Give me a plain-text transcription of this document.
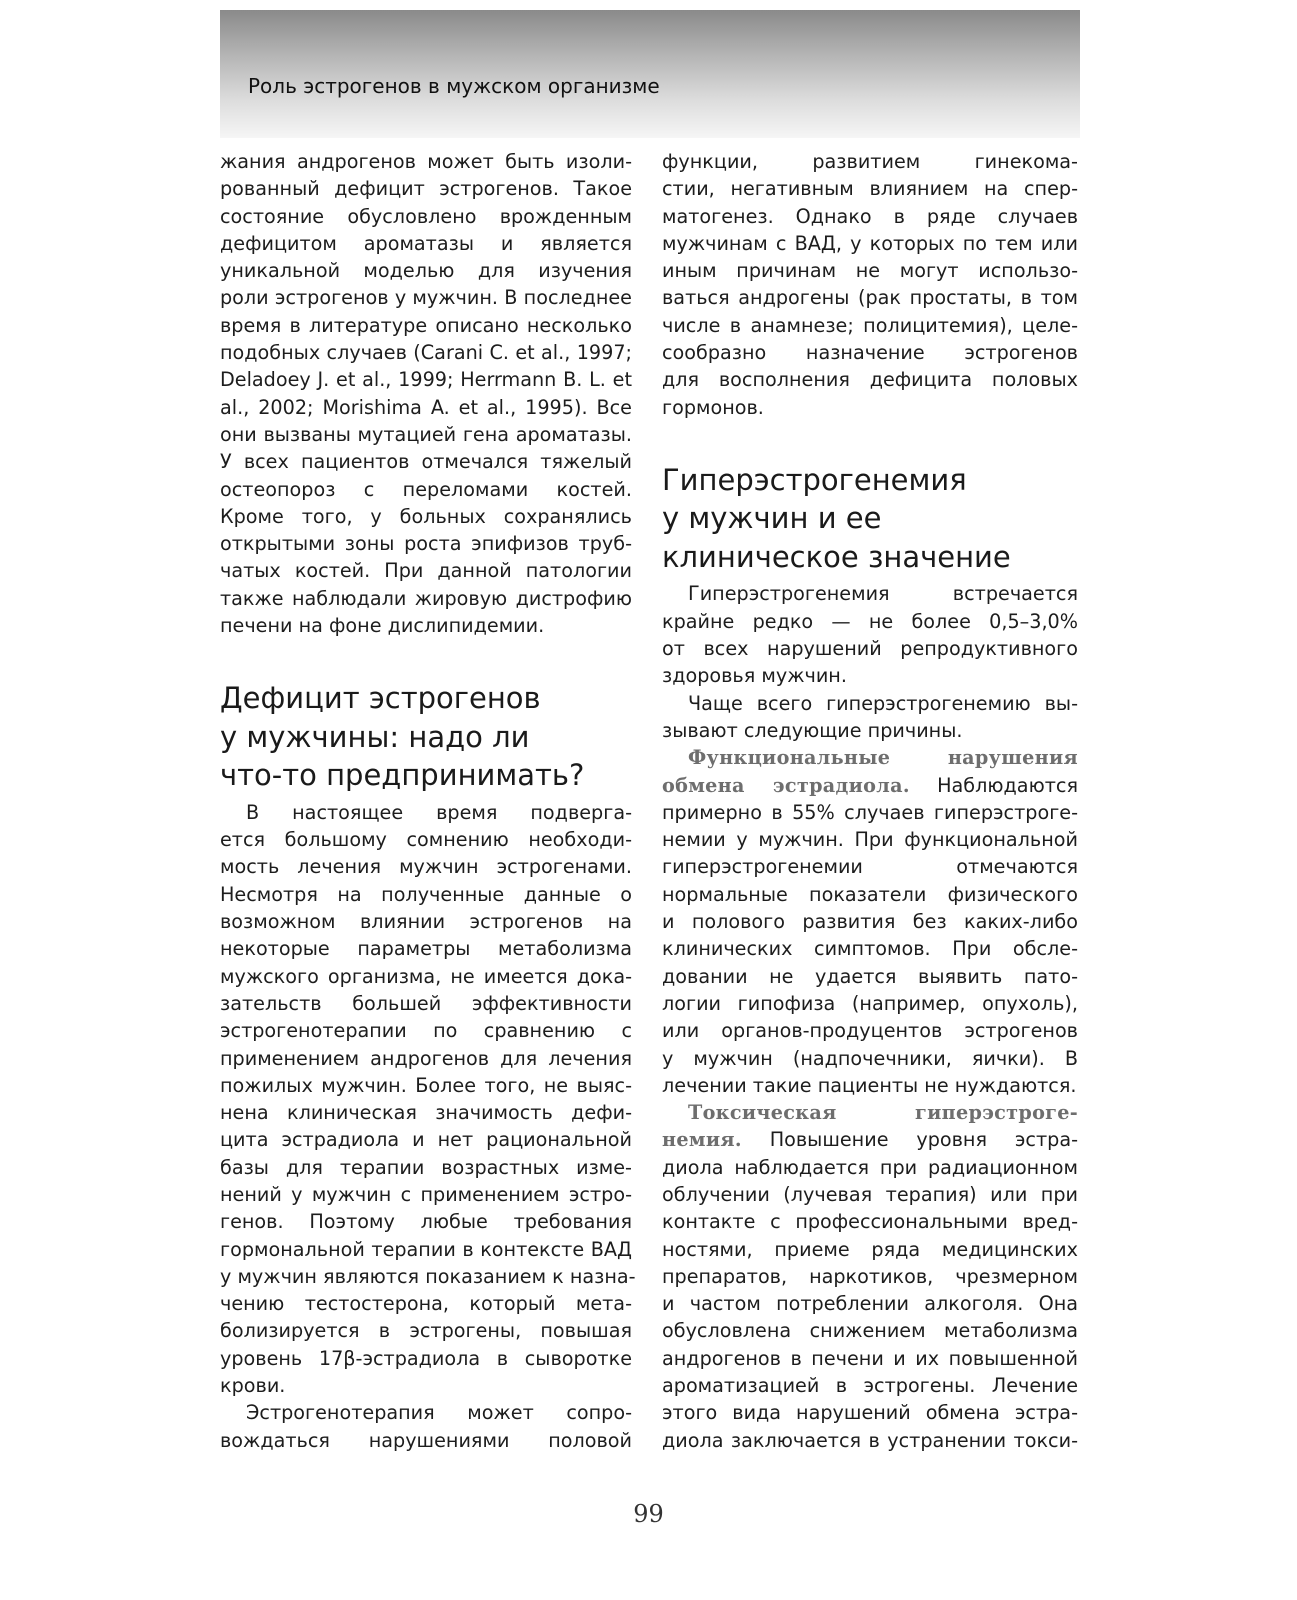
Роль эстрогенов в мужском организме
жания андрогенов может быть изоли-
рованный дефицит эстрогенов. Такое
состояние обусловлено врожденным
дефицитом ароматазы и является
уникальной моделью для изучения
роли эстрогенов у мужчин. В последнее
время в литературе описано несколько
подобных случаев (Carani C. et al., 1997;
Deladoey J. et al., 1999; Herrmann B. L. et
al., 2002; Morishima A. et al., 1995). Все
они вызваны мутацией гена ароматазы.
У всех пациентов отмечался тяжелый
остеопороз с переломами костей.
Кроме того, у больных сохранялись
открытыми зоны роста эпифизов труб-
чатых костей. При данной патологии
также наблюдали жировую дистрофию
печени на фоне дислипидемии.
Дефицит эстрогенов
у мужчины: надо ли
что-то предпринимать?
В настоящее время подверга-
ется большому сомнению необходи-
мость лечения мужчин эстрогенами.
Несмотря на полученные данные о
возможном влиянии эстрогенов на
некоторые параметры метаболизма
мужского организма, не имеется дока-
зательств большей эффективности
эстрогенотерапии по сравнению с
применением андрогенов для лечения
пожилых мужчин. Более того, не выяс-
нена клиническая значимость дефи-
цита эстрадиола и нет рациональной
базы для терапии возрастных изме-
нений у мужчин с применением эстро-
генов. Поэтому любые требования
гормональной терапии в контексте ВАД
у мужчин являются показанием к назна-
чению тестостерона, который мета-
болизируется в эстрогены, повышая
уровень 17β-эстрадиола в сыворотке
крови.
Эстрогенотерапия может сопро-
вождаться нарушениями половой
функции, развитием гинекома-
стии, негативным влиянием на спер-
матогенез. Однако в ряде случаев
мужчинам с ВАД, у которых по тем или
иным причинам не могут использо-
ваться андрогены (рак простаты, в том
числе в анамнезе; полицитемия), целе-
сообразно назначение эстрогенов
для восполнения дефицита половых
гормонов.
Гиперэстрогенемия
у мужчин и ее
клиническое значение
Гиперэстрогенемия встречается
крайне редко — не более 0,5–3,0%
от всех нарушений репродуктивного
здоровья мужчин.
Чаще всего гиперэстрогенемию вы-
зывают следующие причины.
Функциональные нарушения
обмена эстрадиола. Наблюдаются
примерно в 55% случаев гиперэстроге-
немии у мужчин. При функциональной
гиперэстрогенемии отмечаются
нормальные показатели физического
и полового развития без каких-либо
клинических симптомов. При обсле-
довании не удается выявить пато-
логии гипофиза (например, опухоль),
или органов-продуцентов эстрогенов
у мужчин (надпочечники, яички). В
лечении такие пациенты не нуждаются.
Токсическая гиперэстроге-
немия. Повышение уровня эстра-
диола наблюдается при радиационном
облучении (лучевая терапия) или при
контакте с профессиональными вред-
ностями, приеме ряда медицинских
препаратов, наркотиков, чрезмерном
и частом потреблении алкоголя. Она
обусловлена снижением метаболизма
андрогенов в печени и их повышенной
ароматизацией в эстрогены. Лечение
этого вида нарушений обмена эстра-
диола заключается в устранении токси-
99
